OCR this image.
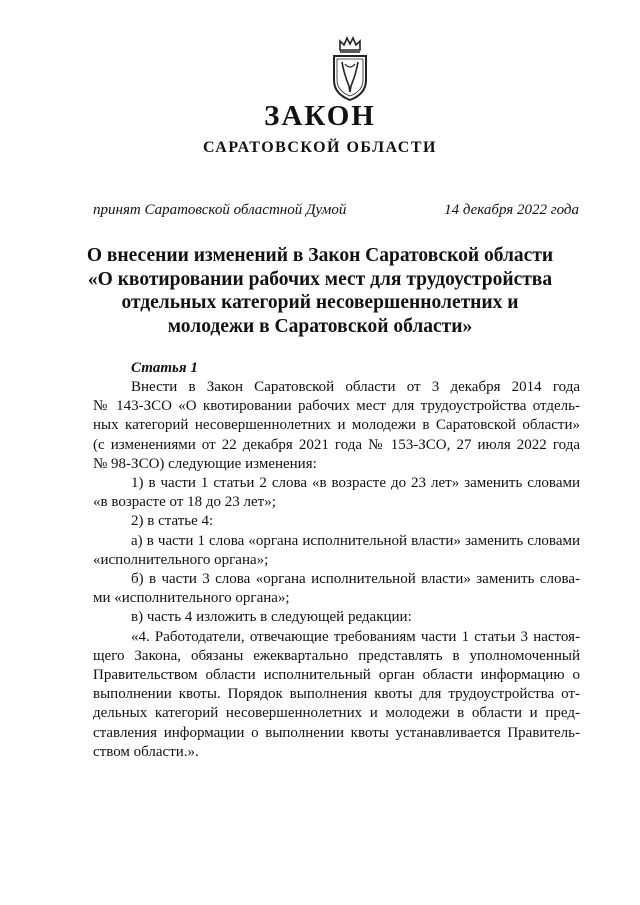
ЗАКОН
САРАТОВСКОЙ ОБЛАСТИ
принят Саратовской областной Думой	14 декабря 2022 года
О внесении изменений в Закон Саратовской области
«О квотировании рабочих мест для трудоустройства
отдельных категорий несовершеннолетних и
молодежи в Саратовской области»

Статья 1

Внести в Закон Саратовской области от 3 декабря 2014 года
№ 143-ЗСО «О квотировании рабочих мест для трудоустройства отдель-
ных категорий несовершеннолетних и молодежи в Саратовской области»
(с изменениями от 22 декабря 2021 года № 153-ЗСО, 27 июля 2022 года
№ 98-ЗСО) следующие изменения:
1) в части 1 статьи 2 слова «в возрасте до 23 лет» заменить словами
«в возрасте от 18 до 23 лет»;
2) в статье 4:
а) в части 1 слова «органа исполнительной власти» заменить словами
«исполнительного органа»;
б) в части 3 слова «органа исполнительной власти» заменить слова-
ми «исполнительного органа»;
в) часть 4 изложить в следующей редакции:
«4. Работодатели, отвечающие требованиям части 1 статьи 3 настоя-
щего Закона, обязаны ежеквартально представлять в уполномоченный
Правительством области исполнительный орган области информацию о
выполнении квоты. Порядок выполнения квоты для трудоустройства от-
дельных категорий несовершеннолетних и молодежи в области и пред-
ставления информации о выполнении квоты устанавливается Правитель-
ством области.».
